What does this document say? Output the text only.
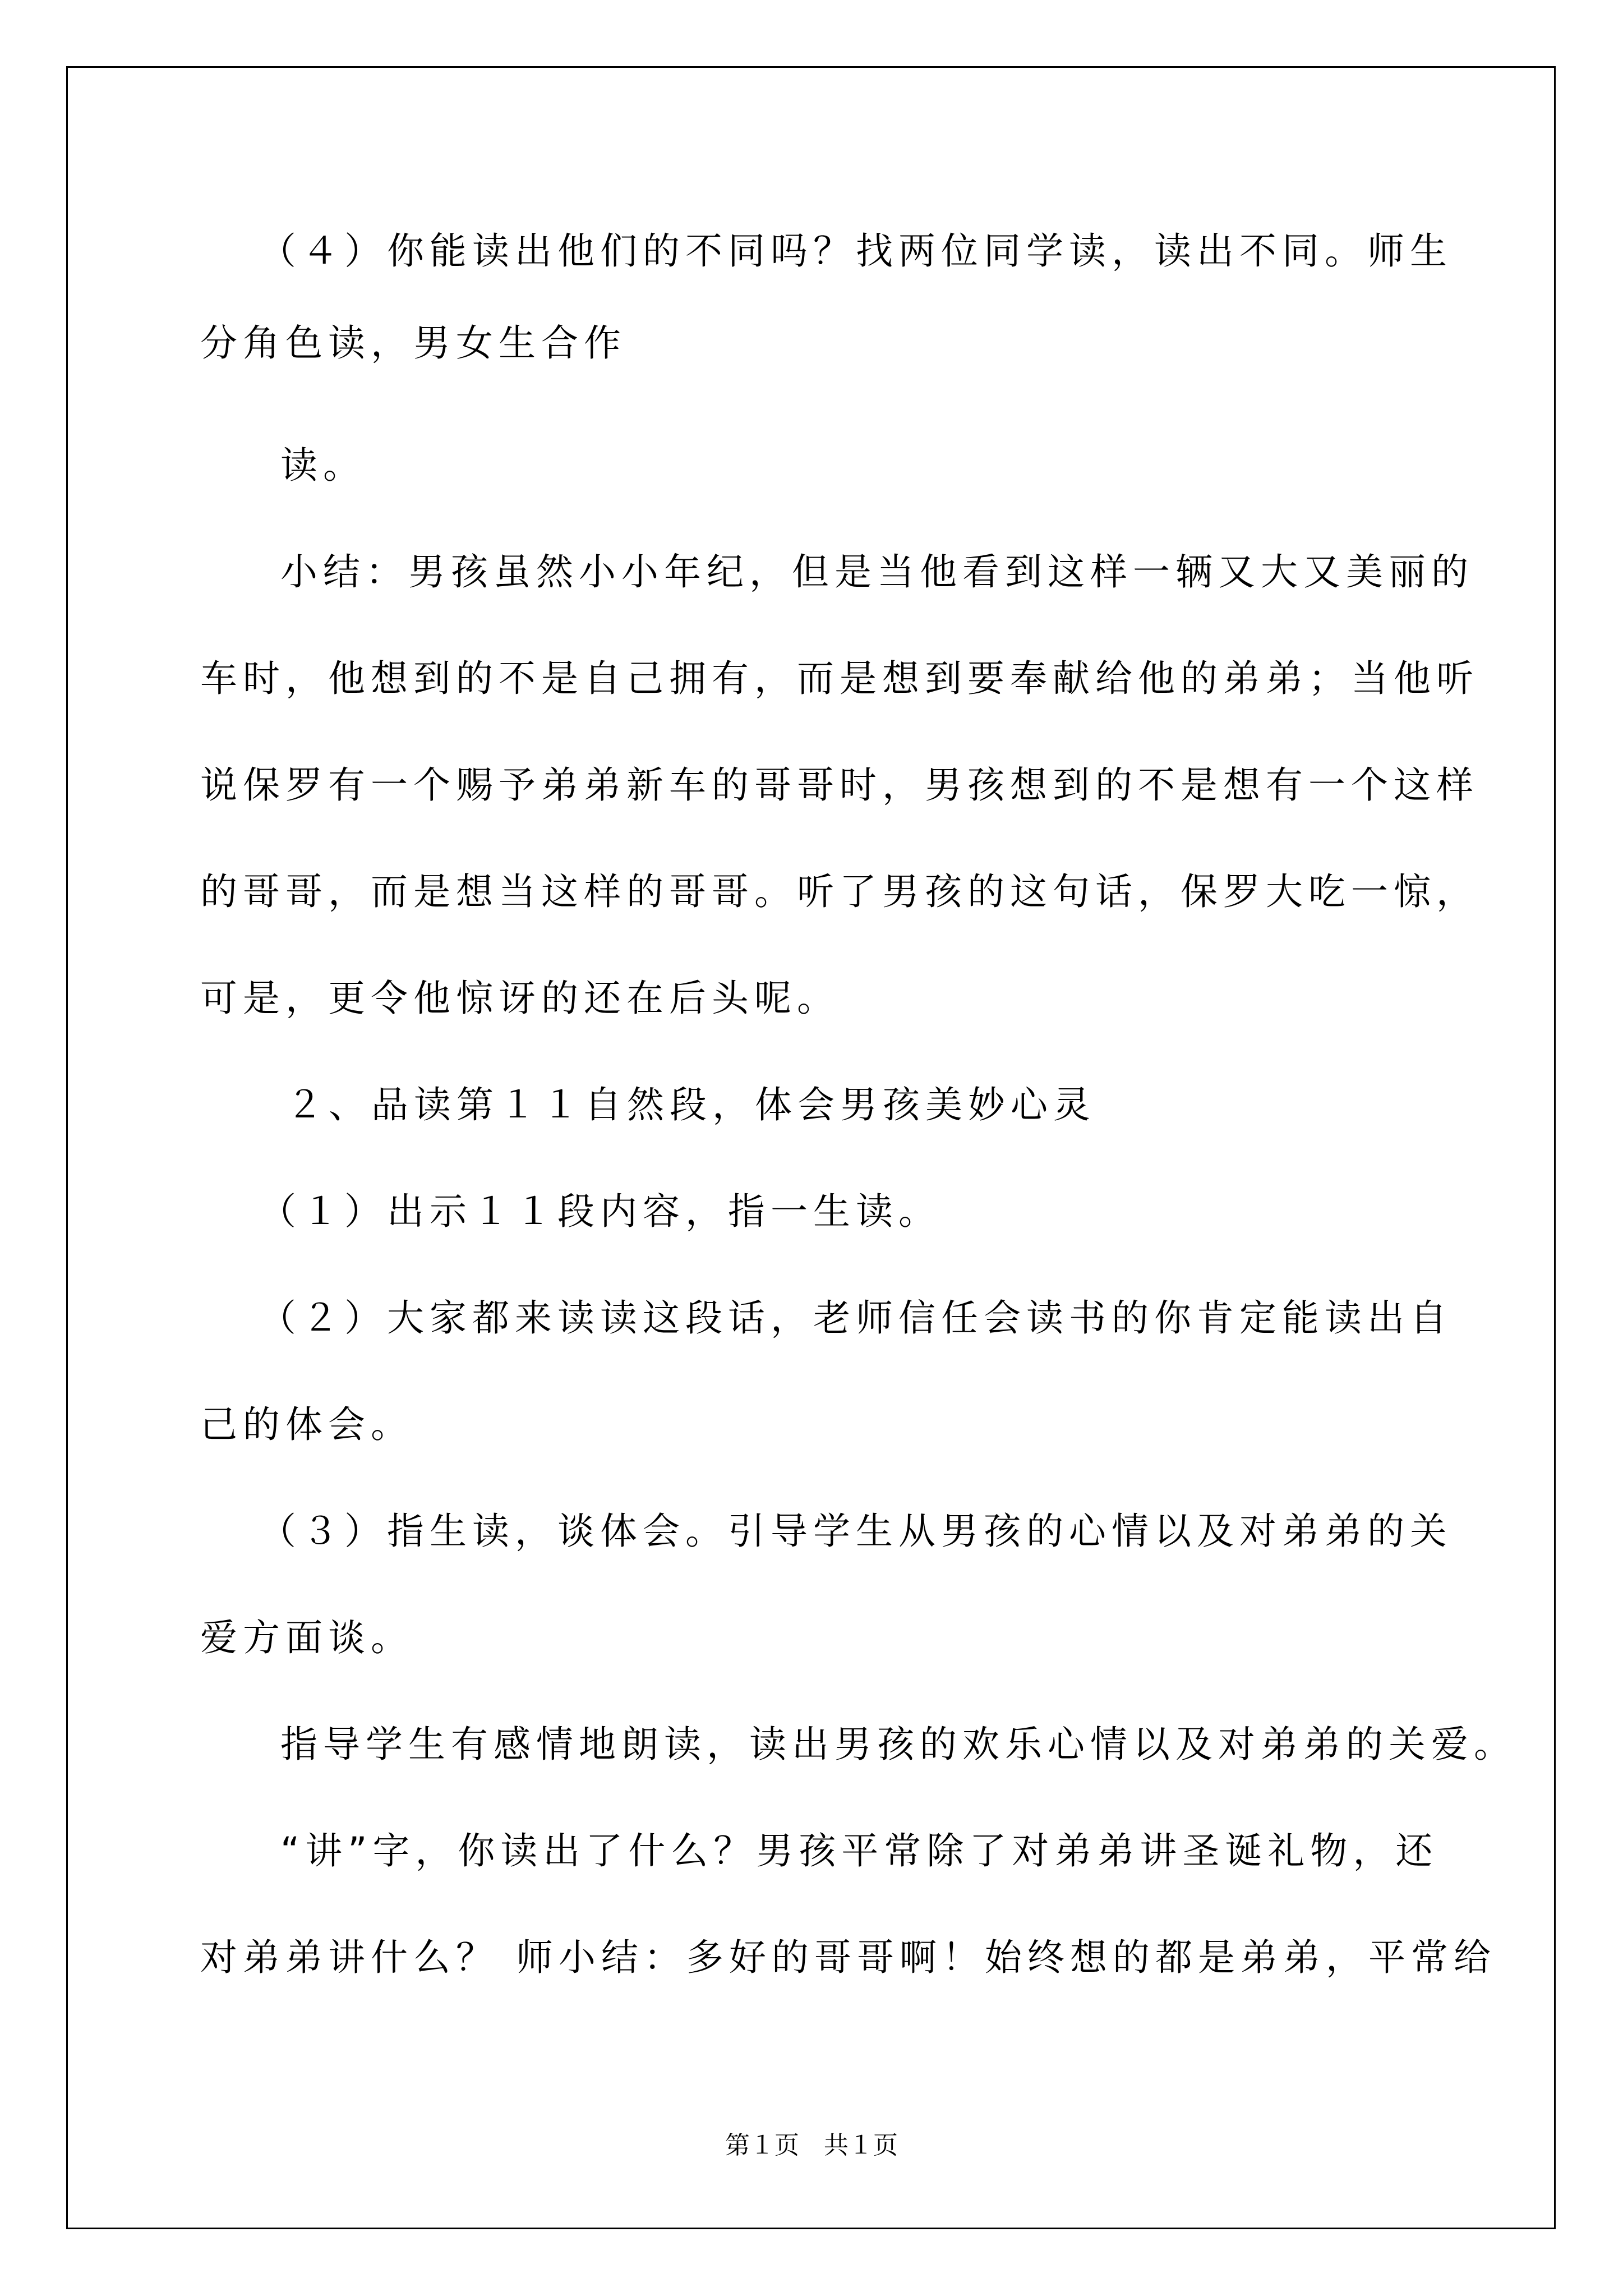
（４）你能读出他们的不同吗？找两位同学读，读出不同。师生

分角色读，男女生合作

读。

小结：男孩虽然小小年纪，但是当他看到这样一辆又大又美丽的

车时，他想到的不是自己拥有，而是想到要奉献给他的弟弟；当他听

说保罗有一个赐予弟弟新车的哥哥时，男孩想到的不是想有一个这样

的哥哥，而是想当这样的哥哥。听了男孩的这句话，保罗大吃一惊，

可是，更令他惊讶的还在后头呢。

２、品读第１１自然段，体会男孩美妙心灵

（１）出示１１段内容，指一生读。

（２）大家都来读读这段话，老师信任会读书的你肯定能读出自

己的体会。

（３）指生读，谈体会。引导学生从男孩的心情以及对弟弟的关

爱方面谈。

指导学生有感情地朗读，读出男孩的欢乐心情以及对弟弟的关爱。

“讲”字，你读出了什么？男孩平常除了对弟弟讲圣诞礼物，还

对弟弟讲什么？ 师小结：多好的哥哥啊！始终想的都是弟弟，平常给

第１页　共１页
